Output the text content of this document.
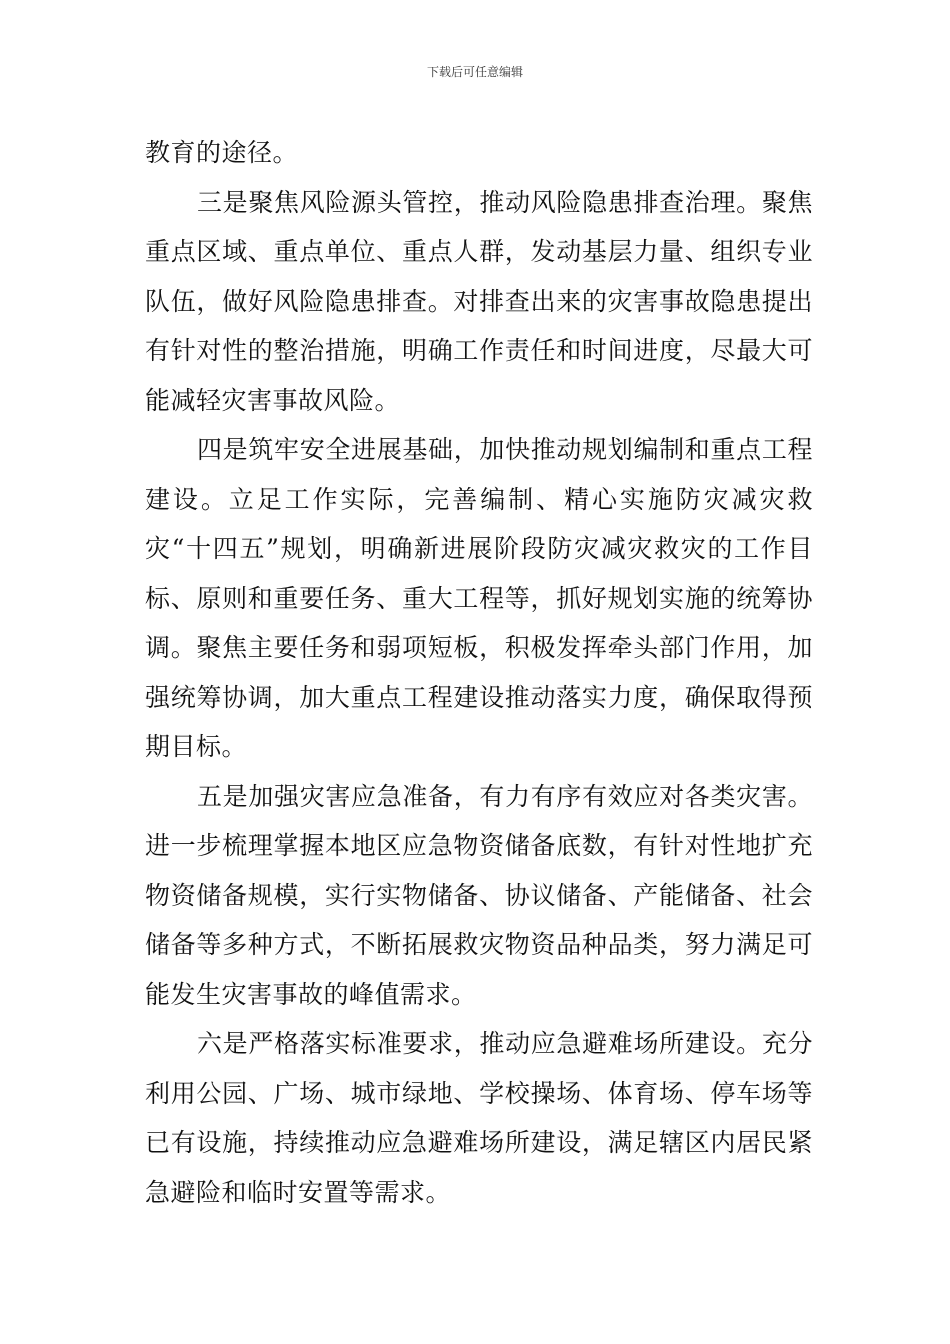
下载后可任意编辑

教育的途径。

三是聚焦风险源头管控，推动风险隐患排查治理。聚焦重点区域、重点单位、重点人群，发动基层力量、组织专业队伍，做好风险隐患排查。对排查出来的灾害事故隐患提出有针对性的整治措施，明确工作责任和时间进度，尽最大可能减轻灾害事故风险。

四是筑牢安全进展基础，加快推动规划编制和重点工程建设。立足工作实际，完善编制、精心实施防灾减灾救灾“十四五”规划，明确新进展阶段防灾减灾救灾的工作目标、原则和重要任务、重大工程等，抓好规划实施的统筹协调。聚焦主要任务和弱项短板，积极发挥牵头部门作用，加强统筹协调，加大重点工程建设推动落实力度，确保取得预期目标。

五是加强灾害应急准备，有力有序有效应对各类灾害。进一步梳理掌握本地区应急物资储备底数，有针对性地扩充物资储备规模，实行实物储备、协议储备、产能储备、社会储备等多种方式，不断拓展救灾物资品种品类，努力满足可能发生灾害事故的峰值需求。

六是严格落实标准要求，推动应急避难场所建设。充分利用公园、广场、城市绿地、学校操场、体育场、停车场等已有设施，持续推动应急避难场所建设，满足辖区内居民紧急避险和临时安置等需求。
